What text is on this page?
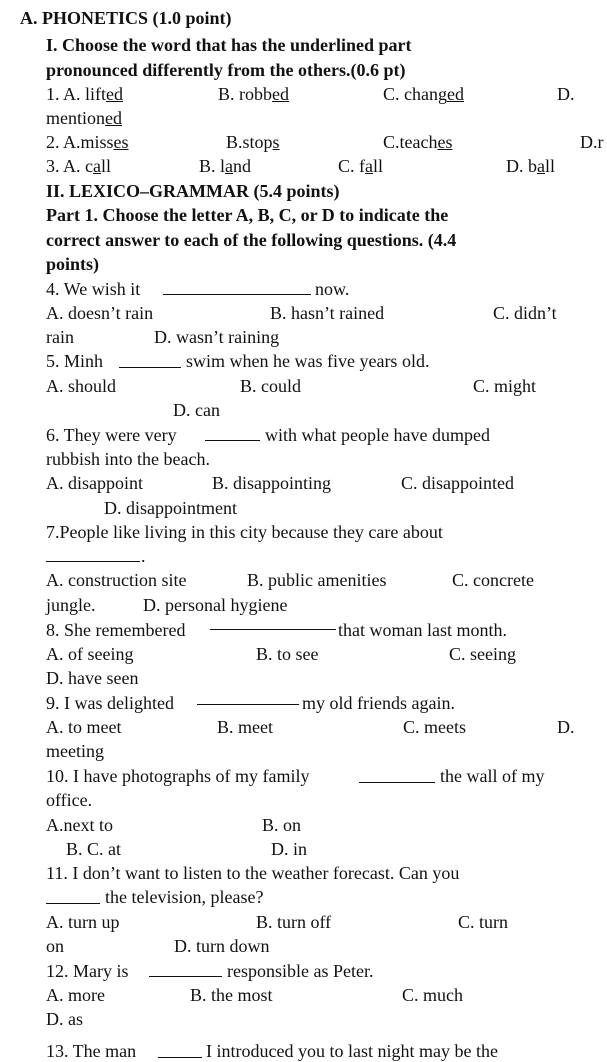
A. PHONETICS (1.0 point)
I. Choose the word that has the underlined part
pronounced differently from the others.(0.6 pt)
1. A. lifted	B. robbed	C. changed	D.
mentioned
2. A.misses	B.stops	C.teaches	D.r
3. A. call	B. land	C. fall	D. ball
II. LEXICO–GRAMMAR (5.4 points)
Part 1. Choose the letter A, B, C, or D to indicate the
correct answer to each of the following questions. (4.4
points)
4. We wish it	now.
A. doesn’t rain	B. hasn’t rained	C. didn’t
rain	D. wasn’t raining
5. Minh	swim when he was five years old.
A. should	B. could	C. might
D. can
6. They were very	with what people have dumped
rubbish into the beach.
A. disappoint	B. disappointing	C. disappointed
D. disappointment
7.People like living in this city because they care about
.
A. construction site	B. public amenities	C. concrete
jungle.	D. personal hygiene
8. She remembered	that woman last month.
A. of seeing	B. to see	C. seeing
D. have seen
9. I was delighted	my old friends again.
A. to meet	B. meet	C. meets	D.
meeting
10. I have photographs of my family	the wall of my
office.
A.next to	B. on
B. C. at	D. in
11. I don’t want to listen to the weather forecast. Can you
the television, please?
A. turn up	B. turn off	C. turn
on	D. turn down
12. Mary is	responsible as Peter.
A. more	B. the most	C. much
D. as
13. The man	I introduced you to last night may be the
